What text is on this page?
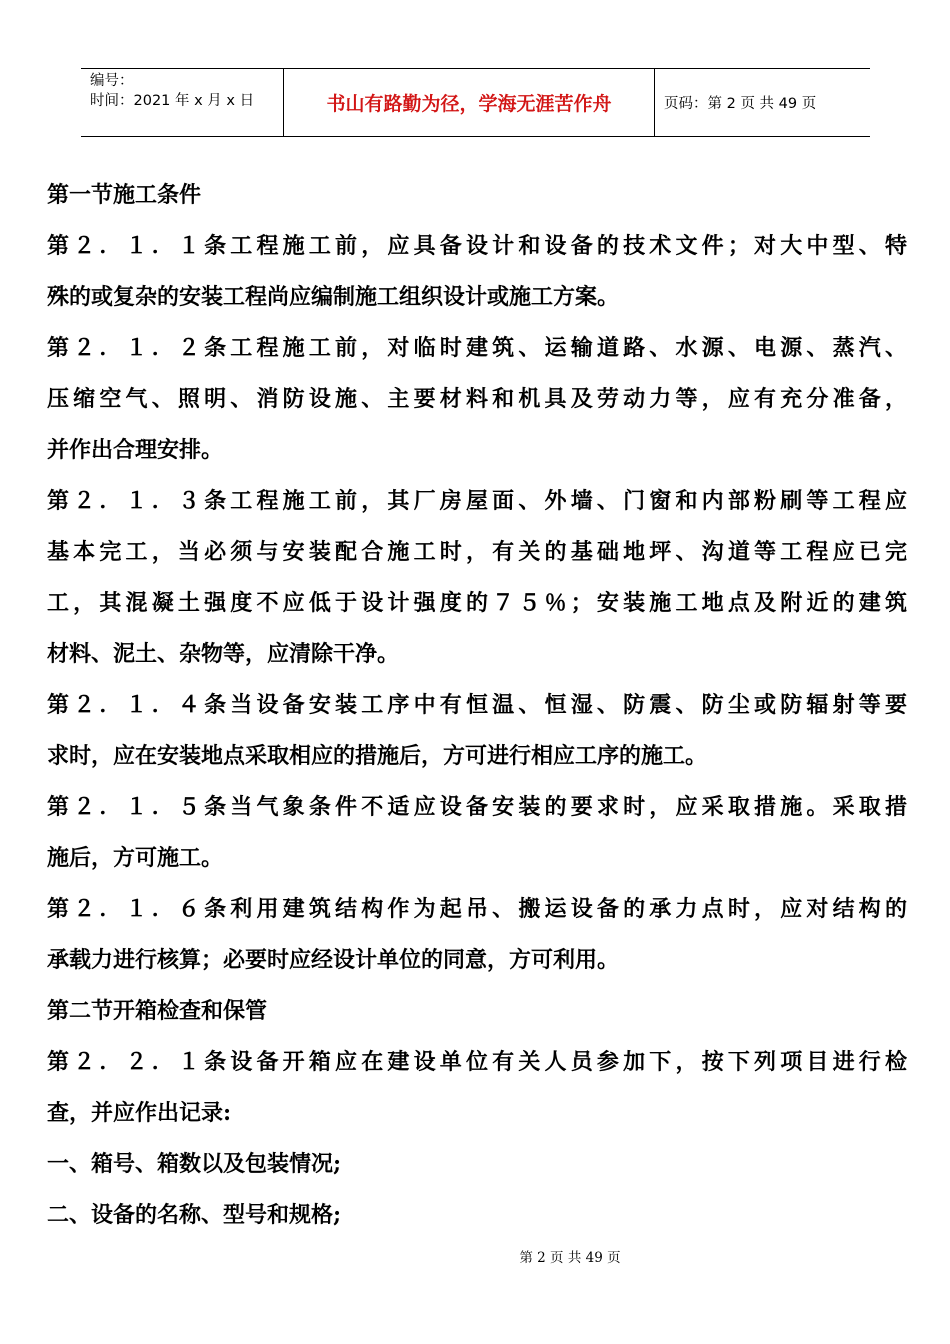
编号：
时间：2021 年 x 月 x 日	书山有路勤为径，学海无涯苦作舟	页码：第 2 页 共 49 页
第一节施工条件
第２．１．１条工程施工前，应具备设计和设备的技术文件；对大中型、特
殊的或复杂的安装工程尚应编制施工组织设计或施工方案。
第２．１．２条工程施工前，对临时建筑、运输道路、水源、电源、蒸汽、
压缩空气、照明、消防设施、主要材料和机具及劳动力等，应有充分准备，
并作出合理安排。
第２．１．３条工程施工前，其厂房屋面、外墙、门窗和内部粉刷等工程应
基本完工，当必须与安装配合施工时，有关的基础地坪、沟道等工程应已完
工，其混凝土强度不应低于设计强度的７５％；安装施工地点及附近的建筑
材料、泥土、杂物等，应清除干净。
第２．１．４条当设备安装工序中有恒温、恒湿、防震、防尘或防辐射等要
求时，应在安装地点采取相应的措施后，方可进行相应工序的施工。
第２．１．５条当气象条件不适应设备安装的要求时，应采取措施。采取措
施后，方可施工。
第２．１．６条利用建筑结构作为起吊、搬运设备的承力点时，应对结构的
承载力进行核算；必要时应经设计单位的同意，方可利用。
第二节开箱检查和保管
第２．２．１条设备开箱应在建设单位有关人员参加下，按下列项目进行检
查，并应作出记录:
一、箱号、箱数以及包装情况;
二、设备的名称、型号和规格;
第 2 页 共 49 页
